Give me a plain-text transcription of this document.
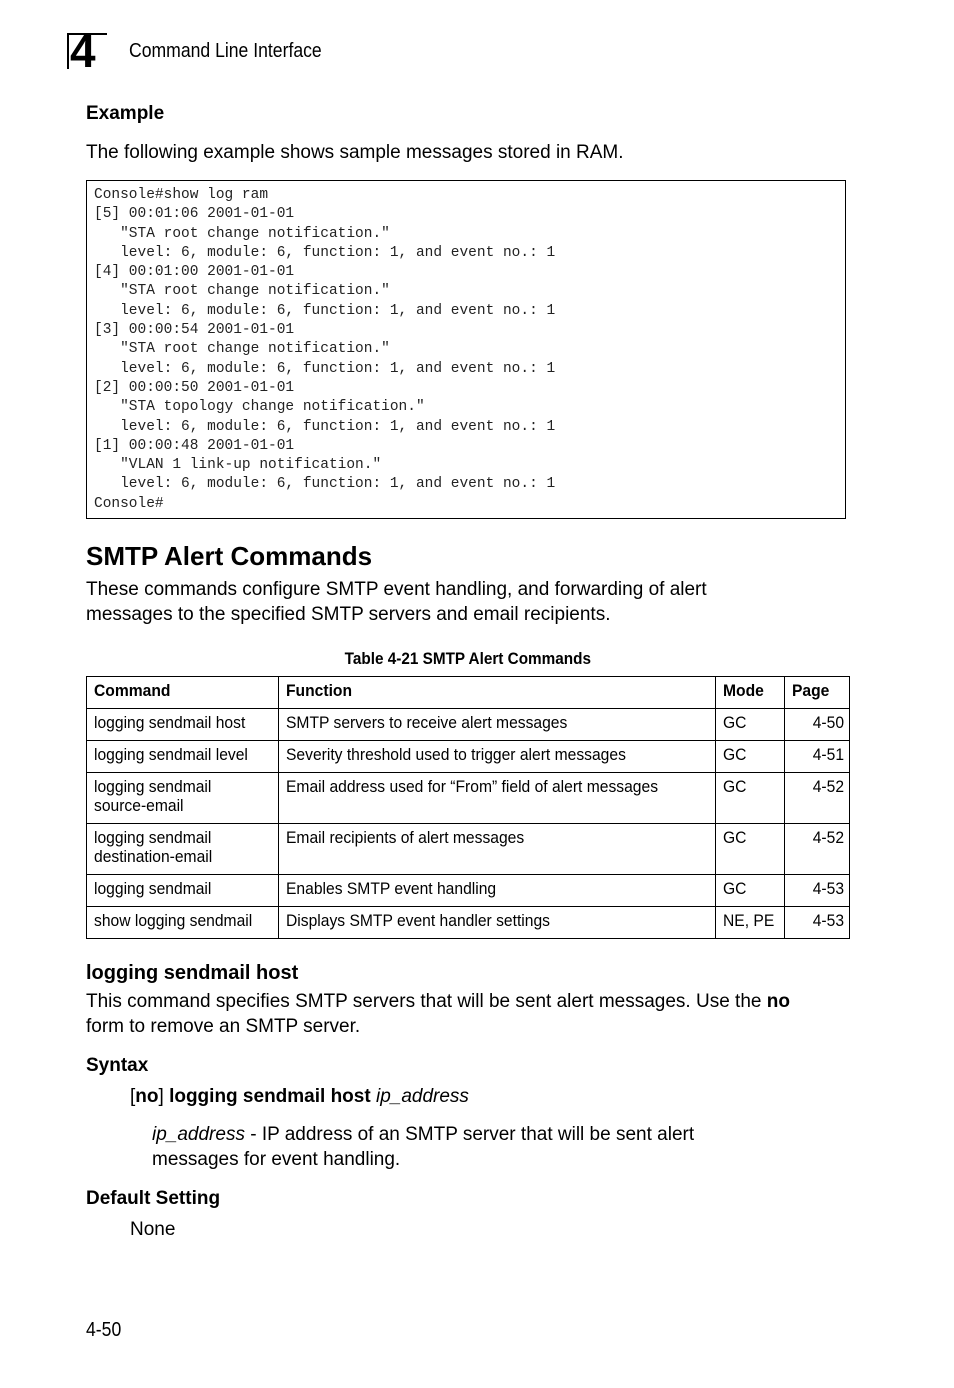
4 Command Line Interface
Example
The following example shows sample messages stored in RAM.
Console#show log ram
[5] 00:01:06 2001-01-01
"STA root change notification."
level: 6, module: 6, function: 1, and event no.: 1
[4] 00:01:00 2001-01-01
"STA root change notification."
level: 6, module: 6, function: 1, and event no.: 1
[3] 00:00:54 2001-01-01
"STA root change notification."
level: 6, module: 6, function: 1, and event no.: 1
[2] 00:00:50 2001-01-01
"STA topology change notification."
level: 6, module: 6, function: 1, and event no.: 1
[1] 00:00:48 2001-01-01
"VLAN 1 link-up notification."
level: 6, module: 6, function: 1, and event no.: 1
Console#
SMTP Alert Commands
These commands configure SMTP event handling, and forwarding of alert
messages to the specified SMTP servers and email recipients.
Table 4-21 SMTP Alert Commands
Command	Function	Mode	Page
logging sendmail host	SMTP servers to receive alert messages	GC	4-50
logging sendmail level	Severity threshold used to trigger alert messages	GC	4-51
logging sendmail
source-email	Email address used for “From” field of alert messages	GC	4-52
logging sendmail
destination-email	Email recipients of alert messages	GC	4-52
logging sendmail	Enables SMTP event handling	GC	4-53
show logging sendmail	Displays SMTP event handler settings	NE, PE	4-53
logging sendmail host
This command specifies SMTP servers that will be sent alert messages. Use the no
form to remove an SMTP server.
Syntax
[no] logging sendmail host ip_address
ip_address - IP address of an SMTP server that will be sent alert
messages for event handling.
Default Setting
None
4-50
